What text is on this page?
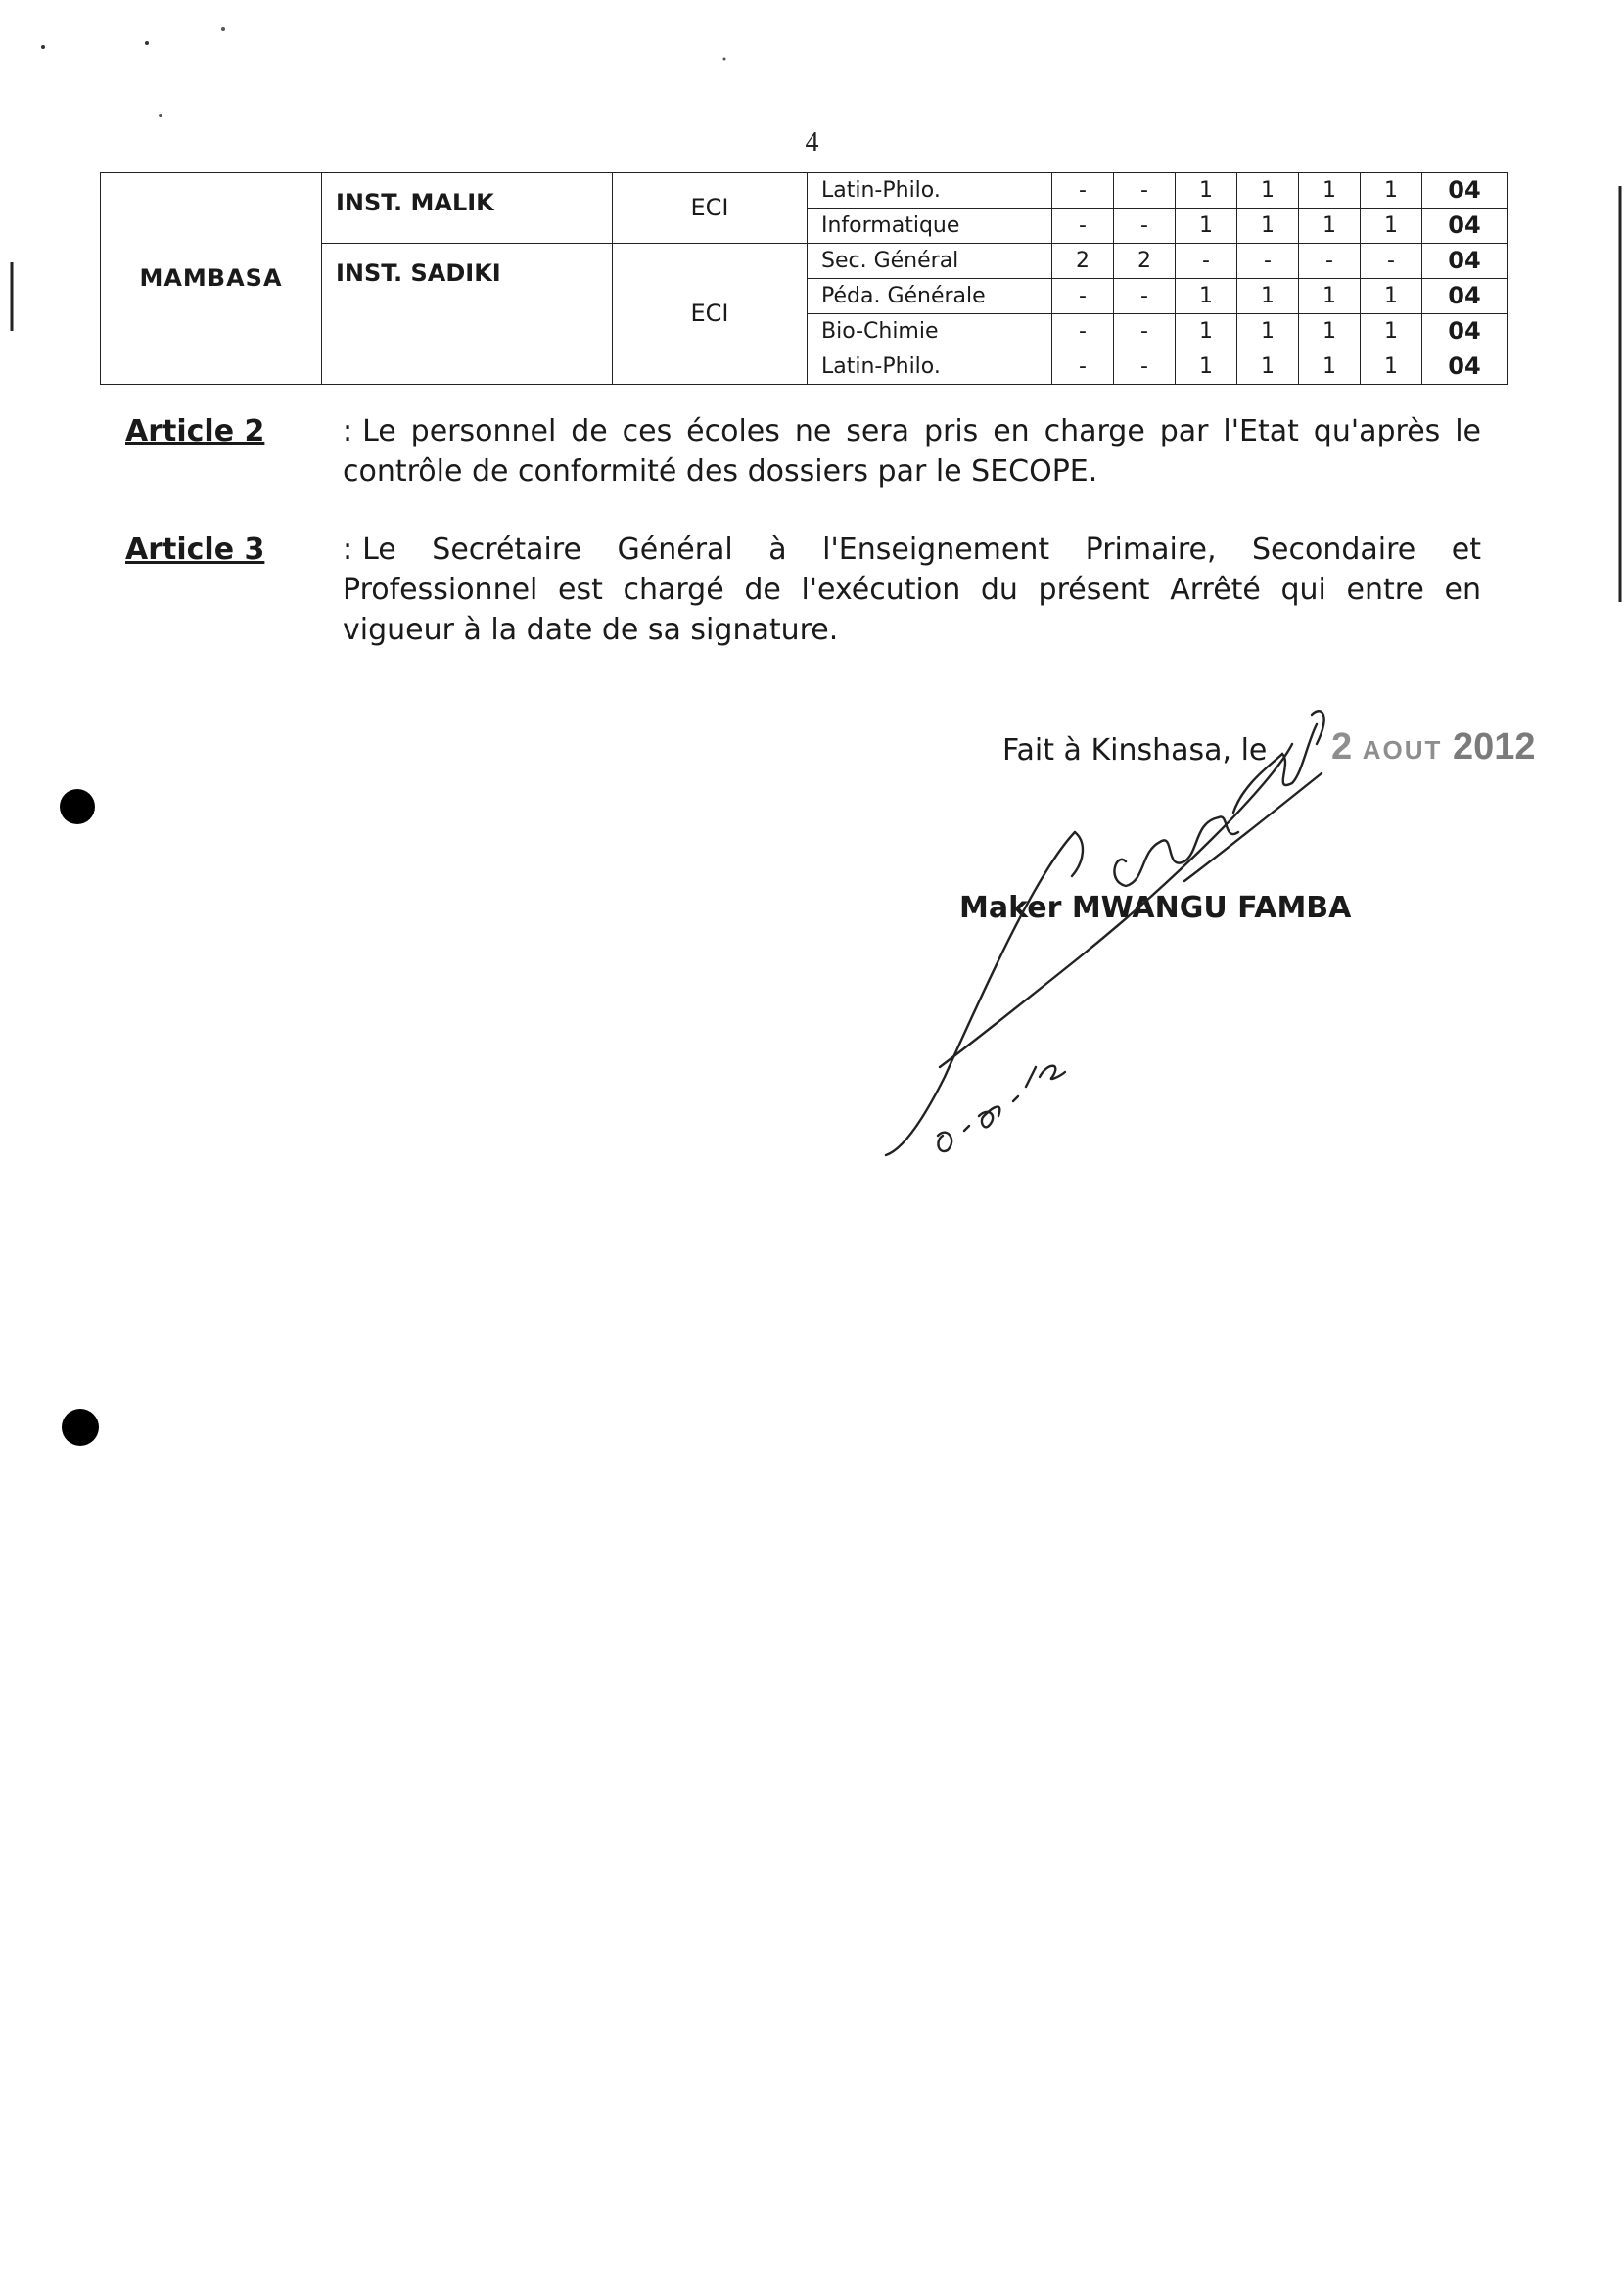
4
MAMBASA	INST. MALIK	ECI	Latin-Philo.	-	-	1	1	1	1	04
			Informatique	-	-	1	1	1	1	04
	INST. SADIKI	ECI	Sec. Général	2	2	-	-	-	-	04
			Péda. Générale	-	-	1	1	1	1	04
			Bio-Chimie	-	-	1	1	1	1	04
			Latin-Philo.	-	-	1	1	1	1	04
Article 2	: Le personnel de ces écoles ne sera pris en charge par l'Etat qu'après le contrôle de conformité des dossiers par le SECOPE.
Article 3	: Le Secrétaire Général à l'Enseignement Primaire, Secondaire et Professionnel est chargé de l'exécution du présent Arrêté qui entre en vigueur à la date de sa signature.
Fait à Kinshasa, le 2 AOUT 2012
Maker MWANGU FAMBA
